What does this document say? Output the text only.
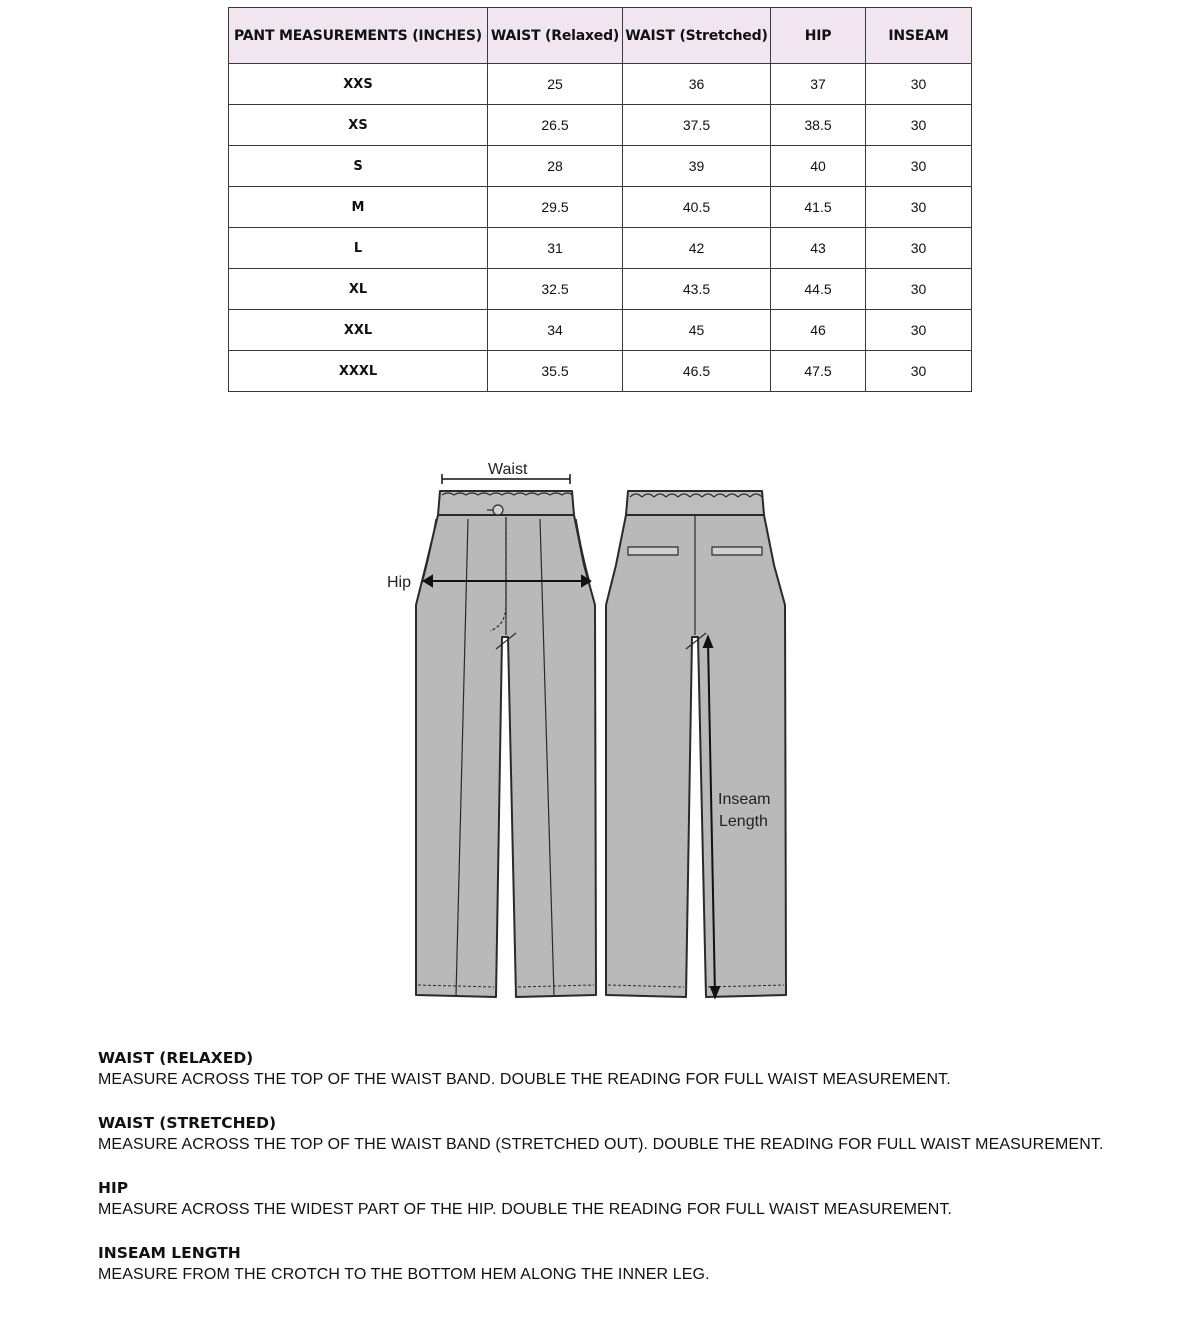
PANT MEASUREMENTS (INCHES)	WAIST (Relaxed)	WAIST (Stretched)	HIP	INSEAM
XXS	25	36	37	30
XS	26.5	37.5	38.5	30
S	28	39	40	30
M	29.5	40.5	41.5	30
L	31	42	43	30
XL	32.5	43.5	44.5	30
XXL	34	45	46	30
XXXL	35.5	46.5	47.5	30
Waist
Hip
Inseam
Length
WAIST (RELAXED)
MEASURE ACROSS THE TOP OF THE WAIST BAND. DOUBLE THE READING FOR FULL WAIST MEASUREMENT.
WAIST (STRETCHED)
MEASURE ACROSS THE TOP OF THE WAIST BAND (STRETCHED OUT). DOUBLE THE READING FOR FULL WAIST MEASUREMENT.
HIP
MEASURE ACROSS THE WIDEST PART OF THE HIP. DOUBLE THE READING FOR FULL WAIST MEASUREMENT.
INSEAM LENGTH
MEASURE FROM THE CROTCH TO THE BOTTOM HEM ALONG THE INNER LEG.
